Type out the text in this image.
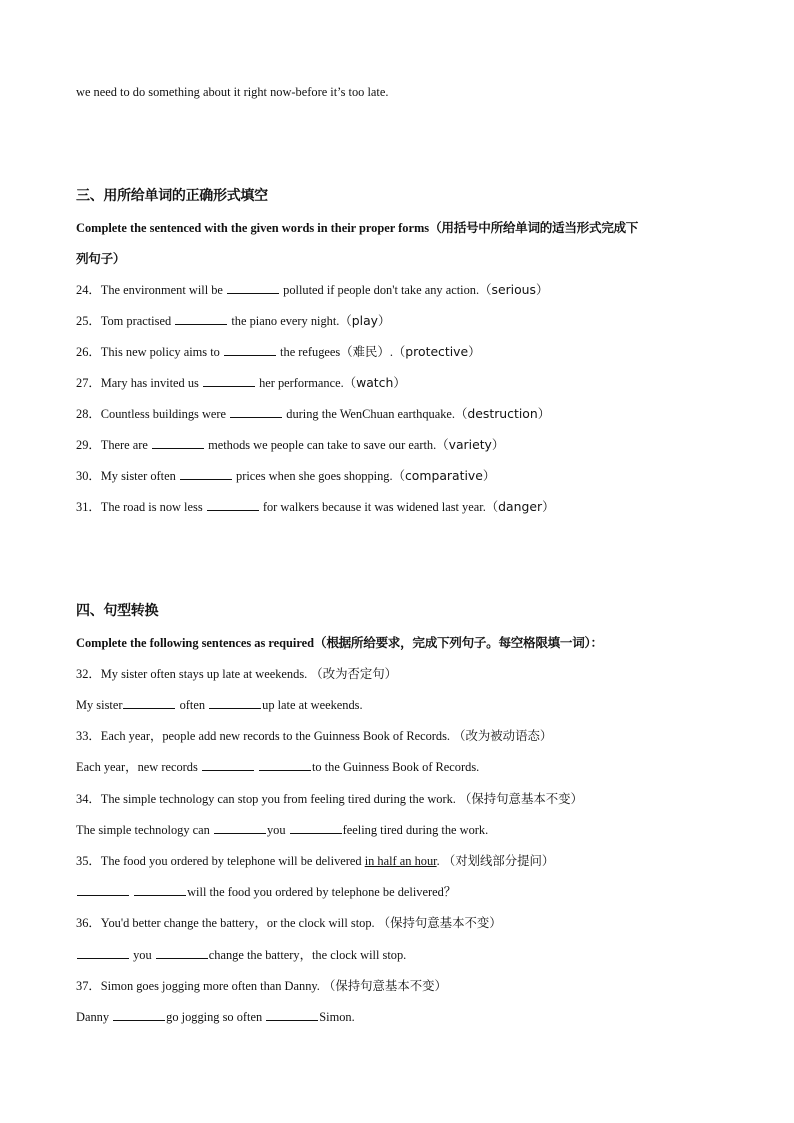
we need to do something about it right now-before it’s too late.
三、用所给单词的正确形式填空
Complete the sentenced with the given words in their proper forms（用括号中所给单词的适当形式完成下
列句子）
24．The environment will be	polluted if people don't take any action.（serious）
25．Tom practised	the piano every night.（play）
26．This new policy aims to	the refugees（难民）.（protective）
27．Mary has invited us	her performance.（watch）
28．Countless buildings were	during the WenChuan earthquake.（destruction）
29．There are	methods we people can take to save our earth.（variety）
30．My sister often	prices when she goes shopping.（comparative）
31．The road is now less	for walkers because it was widened last year.（danger）
四、句型转换
Complete the following sentences as required（根据所给要求，完成下列句子。每空格限填一词）：
32．My sister often stays up late at weekends. （改为否定句）
My sister	often	up late at weekends.
33．Each year，people add new records to the Guinness Book of Records. （改为被动语态）
Each year，new records	to the Guinness Book of Records.
34．The simple technology can stop you from feeling tired during the work. （保持句意基本不变）
The simple technology can	you	feeling tired during the work.
35．The food you ordered by telephone will be delivered in half an hour. （对划线部分提问）
will the food you ordered by telephone be delivered？
36．You'd better change the battery，or the clock will stop. （保持句意基本不变）
you	change the battery，the clock will stop.
37．Simon goes jogging more often than Danny. （保持句意基本不变）
Danny	go jogging so often	Simon.
